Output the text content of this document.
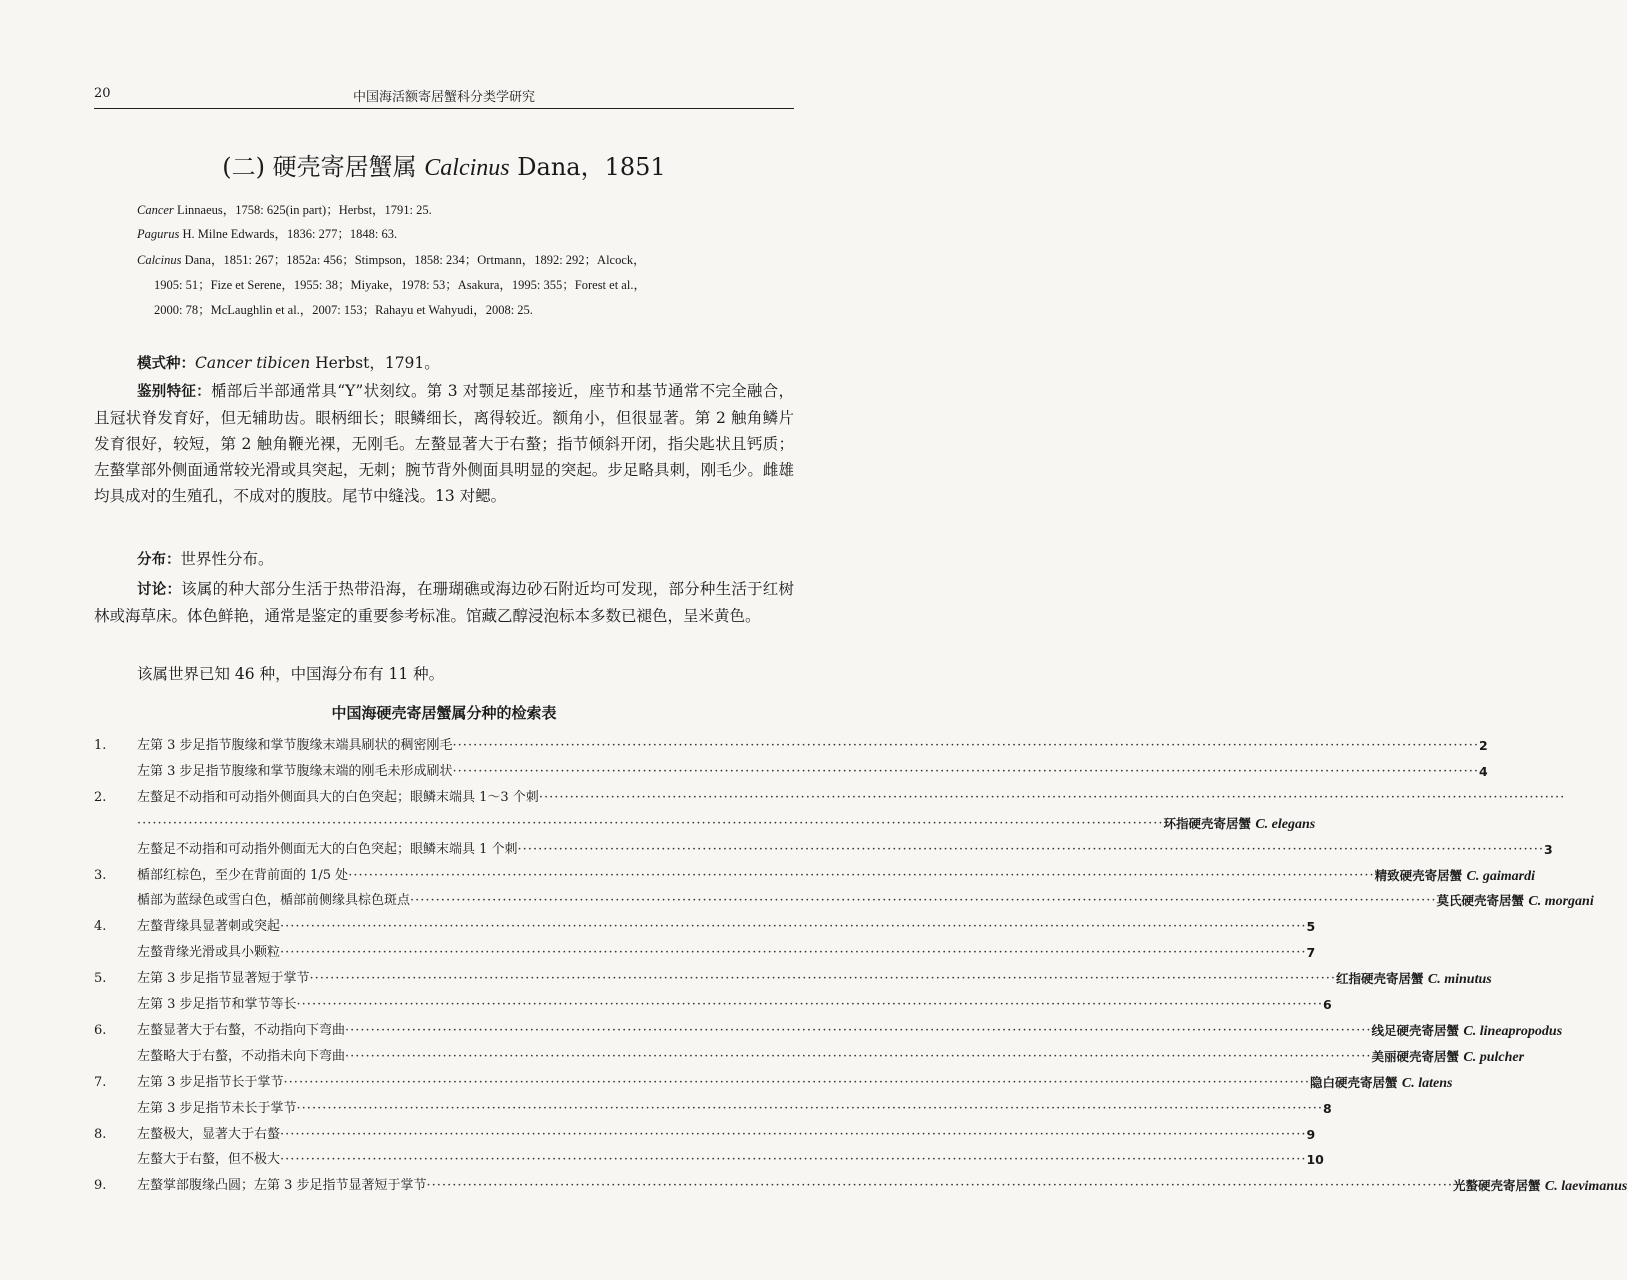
20	中国海活额寄居蟹科分类学研究
(二) 硬壳寄居蟹属 Calcinus Dana，1851
Cancer Linnaeus，1758: 625(in part)；Herbst，1791: 25.
Pagurus H. Milne Edwards，1836: 277；1848: 63.
Calcinus Dana，1851: 267；1852a: 456；Stimpson，1858: 234；Ortmann，1892: 292；Alcock，
1905: 51；Fize et Serene，1955: 38；Miyake，1978: 53；Asakura，1995: 355；Forest et al.，
2000: 78；McLaughlin et al.，2007: 153；Rahayu et Wahyudi，2008: 25.
模式种：Cancer tibicen Herbst，1791。
鉴别特征：楯部后半部通常具“Y”状刻纹。第 3 对颚足基部接近，座节和基节通常不完全融合，且冠状脊发育好，但无辅助齿。眼柄细长；眼鳞细长，离得较近。额角小，但很显著。第 2 触角鳞片发育很好，较短，第 2 触角鞭光裸，无刚毛。左螯显著大于右螯；指节倾斜开闭，指尖匙状且钙质；左螯掌部外侧面通常较光滑或具突起，无刺；腕节背外侧面具明显的突起。步足略具刺，刚毛少。雌雄均具成对的生殖孔，不成对的腹肢。尾节中缝浅。13 对鳃。
分布：世界性分布。
讨论：该属的种大部分生活于热带沿海，在珊瑚礁或海边砂石附近均可发现，部分种生活于红树林或海草床。体色鲜艳，通常是鉴定的重要参考标准。馆藏乙醇浸泡标本多数已褪色，呈米黄色。
该属世界已知 46 种，中国海分布有 11 种。
中国海硬壳寄居蟹属分种的检索表
1. 左第 3 步足指节腹缘和掌节腹缘末端具刷状的稠密刚毛 ········································································································································································································ 2
左第 3 步足指节腹缘和掌节腹缘末端的刚毛未形成刷状 ········································································································································································································ 4
2. 左螯足不动指和可动指外侧面具大的白色突起；眼鳞末端具 1～3 个刺 ········································································································································································································
········································································································································································································ 环指硬壳寄居蟹 C. elegans
左螯足不动指和可动指外侧面无大的白色突起；眼鳞末端具 1 个刺 ········································································································································································································ 3
3. 楯部红棕色，至少在背前面的 1/5 处 ········································································································································································································ 精致硬壳寄居蟹 C. gaimardi
楯部为蓝绿色或雪白色，楯部前侧缘具棕色斑点 ········································································································································································································ 莫氏硬壳寄居蟹 C. morgani
4. 左螯背缘具显著刺或突起 ········································································································································································································ 5
左螯背缘光滑或具小颗粒 ········································································································································································································ 7
5. 左第 3 步足指节显著短于掌节 ········································································································································································································ 红指硬壳寄居蟹 C. minutus
左第 3 步足指节和掌节等长 ········································································································································································································ 6
6. 左螯显著大于右螯，不动指向下弯曲 ········································································································································································································ 线足硬壳寄居蟹 C. lineapropodus
左螯略大于右螯，不动指未向下弯曲 ········································································································································································································ 美丽硬壳寄居蟹 C. pulcher
7. 左第 3 步足指节长于掌节 ········································································································································································································ 隐白硬壳寄居蟹 C. latens
左第 3 步足指节未长于掌节 ········································································································································································································ 8
8. 左螯极大，显著大于右螯 ········································································································································································································ 9
左螯大于右螯，但不极大 ········································································································································································································ 10
9. 左螯掌部腹缘凸圆；左第 3 步足指节显著短于掌节 ········································································································································································································ 光螯硬壳寄居蟹 C. laevimanus
